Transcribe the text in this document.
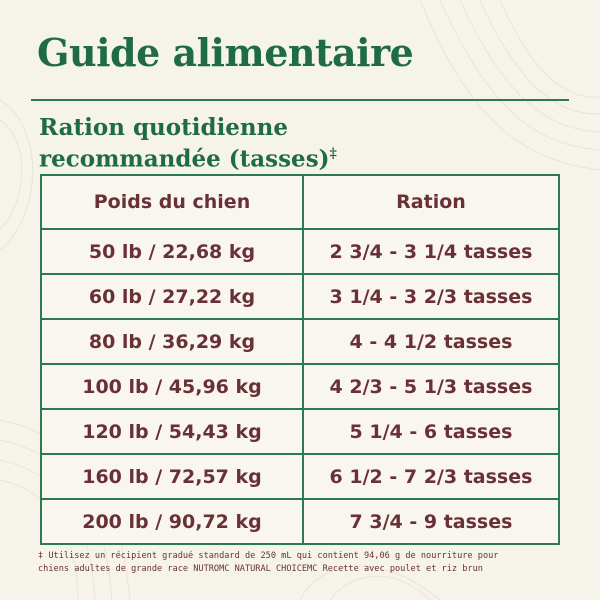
Guide alimentaire
Ration quotidienne
recommandée (tasses)‡
Poids du chien	Ration
50 lb / 22,68 kg	2 3/4 - 3 1/4 tasses
60 lb / 27,22 kg	3 1/4 - 3 2/3 tasses
80 lb / 36,29 kg	4 - 4 1/2 tasses
100 lb / 45,96 kg	4 2/3 - 5 1/3 tasses
120 lb / 54,43 kg	5 1/4 - 6 tasses
160 lb / 72,57 kg	6 1/2 - 7 2/3 tasses
200 lb / 90,72 kg	7 3/4 - 9 tasses
‡ Utilisez un récipient gradué standard de 250 mL qui contient 94,06 g de nourriture pour
chiens adultes de grande race NUTROMC NATURAL CHOICEMC Recette avec poulet et riz brun
